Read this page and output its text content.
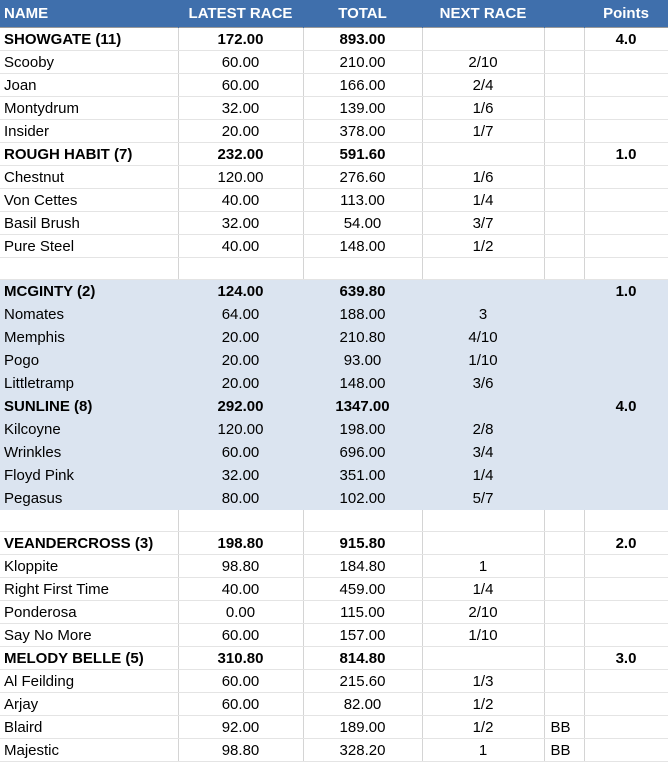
NAME	LATEST RACE	TOTAL	NEXT RACE		Points
SHOWGATE (11)	172.00	893.00			4.0
Scooby	60.00	210.00	2/10		
Joan	60.00	166.00	2/4		
Montydrum	32.00	139.00	1/6		
Insider	20.00	378.00	1/7		
ROUGH HABIT (7)	232.00	591.60			1.0
Chestnut	120.00	276.60	1/6		
Von Cettes	40.00	113.00	1/4		
Basil Brush	32.00	54.00	3/7		
Pure Steel	40.00	148.00	1/2		

MCGINTY (2)	124.00	639.80			1.0
Nomates	64.00	188.00	3		
Memphis	20.00	210.80	4/10		
Pogo	20.00	93.00	1/10		
Littletramp	20.00	148.00	3/6		
SUNLINE (8)	292.00	1347.00			4.0
Kilcoyne	120.00	198.00	2/8		
Wrinkles	60.00	696.00	3/4		
Floyd Pink	32.00	351.00	1/4		
Pegasus	80.00	102.00	5/7		

VEANDERCROSS (3)	198.80	915.80			2.0
Kloppite	98.80	184.80	1		
Right First Time	40.00	459.00	1/4		
Ponderosa	0.00	115.00	2/10		
Say No More	60.00	157.00	1/10		
MELODY BELLE (5)	310.80	814.80			3.0
Al Feilding	60.00	215.60	1/3		
Arjay	60.00	82.00	1/2		
Blaird	92.00	189.00	1/2	BB	
Majestic	98.80	328.20	1	BB	
